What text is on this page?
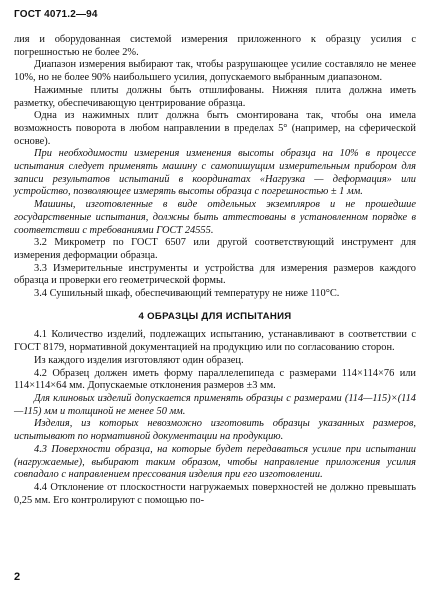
ГОСТ 4071.2—94

лия и оборудованная системой измерения приложенного к образцу усилия с погрешностью не более 2%.

Диапазон измерения выбирают так, чтобы разрушающее усилие составляло не менее 10%, но не более 90% наибольшего усилия, допускаемого выбранным диапазоном.

Нажимные плиты должны быть отшлифованы. Нижняя плита должна иметь разметку, обеспечивающую центрирование образца.

Одна из нажимных плит должна быть смонтирована так, чтобы она имела возможность поворота в любом направлении в пределах 5° (например, на сферической основе).

При необходимости измерения изменения высоты образца на 10% в процессе испытания следует применять машину с самопишущим измерительным прибором для записи результатов испытаний в координатах «Нагрузка — деформация» или устройство, позволяющее измерять высоты образца с погрешностью ± 1 мм.

Машины, изготовленные в виде отдельных экземпляров и не прошедшие государственные испытания, должны быть аттестованы в установленном порядке в соответствии с требованиями ГОСТ 24555.

3.2 Микрометр по ГОСТ 6507 или другой соответствующий инструмент для измерения деформации образца.

3.3 Измерительные инструменты и устройства для измерения размеров каждого образца и проверки его геометрической формы.

3.4 Сушильный шкаф, обеспечивающий температуру не ниже 110°С.

4 ОБРАЗЦЫ ДЛЯ ИСПЫТАНИЯ

4.1 Количество изделий, подлежащих испытанию, устанавливают в соответствии с ГОСТ 8179, нормативной документацией на продукцию или по согласованию сторон.

Из каждого изделия изготовляют один образец.

4.2 Образец должен иметь форму параллелепипеда с размерами 114×114×76 или 114×114×64 мм. Допускаемые отклонения размеров ±3 мм.

Для клиновых изделий допускается применять образцы с размерами (114—115)×(114—115) мм и толщиной не менее 50 мм.

Изделия, из которых невозможно изготовить образцы указанных размеров, испытывают по нормативной документации на продукцию.

4.3 Поверхности образца, на которые будет передаваться усилие при испытании (нагружаемые), выбирают таким образом, чтобы направление приложения усилия совпадало с направлением прессования изделия при его изготовлении.

4.4 Отклонение от плоскостности нагружаемых поверхностей не должно превышать 0,25 мм. Его контролируют с помощью по-

2
